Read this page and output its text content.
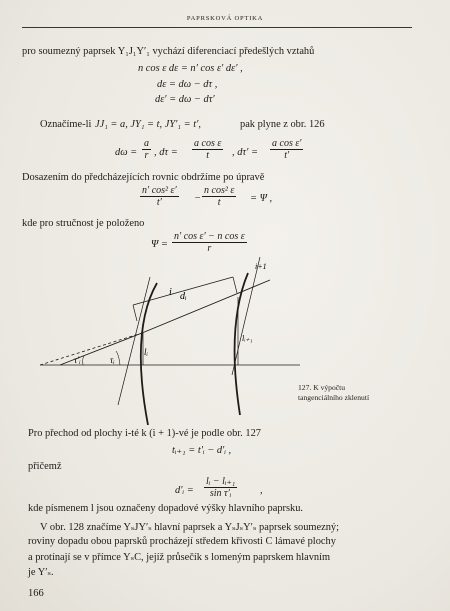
PAPRSKOVÁ OPTIKA
pro soumezný paprsek Y₁J₁Y′₁ vychází diferenciací předešlých vztahů
n cos ε dε = n′ cos ε′ dε′ ,
dε = dω − dτ ,
dε′ = dω − dτ′
Označíme-li JJ₁ = a, JY₁ = t, JY′₁ = t′,	pak plyne z obr. 126
$d\omega = \frac{a}{r}$ , $d\tau = \frac{\text{a cos ε}}{t}$ , $d\tau' = \frac{\text{a cos ε′}}{t'}$
Dosazením do předcházejících rovnic obdržíme po úpravě
$\frac{\text{n′ cos² ε′}}{t'} - \frac{\text{n cos² ε}}{t} = \Psi$ ,
kde pro stručnost je položeno
$\Psi = \frac{\text{n′ cos ε′ − n cos ε}}{r}$
i
i+1
dᵢ
lᵢ
lᵢ₊₁
τᵢ
τ′ᵢ
127. K výpočtu
tangenciálního zklenutí
Pro přechod od plochy i-té k (i + 1)-vé je podle obr. 127
tᵢ₊₁ = t′ᵢ − d′ᵢ ,
přičemž
d′ᵢ = $\frac{\text{lᵢ − lᵢ₊₁}}{\text{sin τ′ᵢ}}$ ,
kde písmenem l jsou označeny dopadové výšky hlavního paprsku.
V obr. 128 značíme YₛJY′ₛ hlavní paprsek a YₛJₛY′ₛ paprsek soumezný;
roviny dopadu obou paprsků procházejí středem křivosti C lámavé plochy
a protínají se v přímce YₛC, jejíž průsečík s lomeným paprskem hlavním
je Y′ₛ.
166
